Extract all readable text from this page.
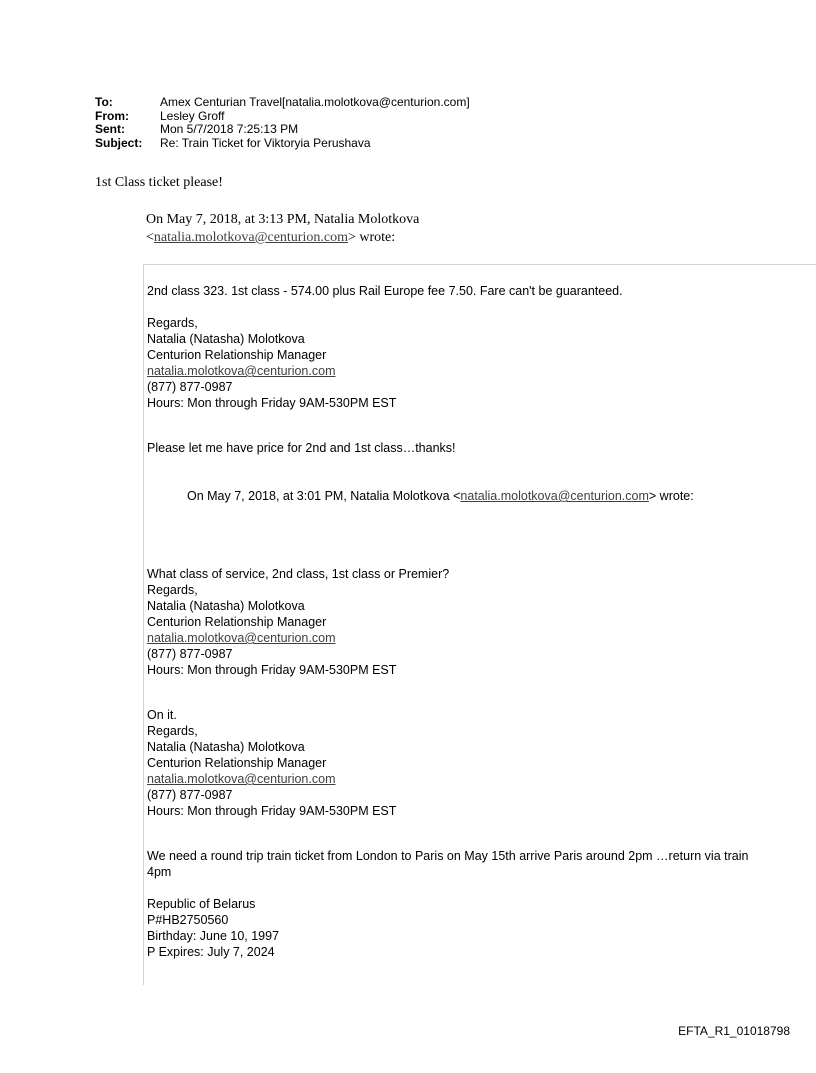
To:	Amex Centurian Travel[natalia.molotkova@centurion.com]
From:	Lesley Groff
Sent:	Mon 5/7/2018 7:25:13 PM
Subject:	Re: Train Ticket for Viktoryia Perushava
1st Class ticket please!
On May 7, 2018, at 3:13 PM, Natalia Molotkova
<natalia.molotkova@centurion.com> wrote:
2nd class 323. 1st class - 574.00 plus Rail Europe fee 7.50. Fare can't be guaranteed.
Regards,
Natalia (Natasha) Molotkova
Centurion Relationship Manager
natalia.molotkova@centurion.com
(877) 877-0987
Hours: Mon through Friday 9AM-530PM EST
Please let me have price for 2nd and 1st class…thanks!
On May 7, 2018, at 3:01 PM, Natalia Molotkova <natalia.molotkova@centurion.com> wrote:
What class of service, 2nd class, 1st class or Premier?
Regards,
Natalia (Natasha) Molotkova
Centurion Relationship Manager
natalia.molotkova@centurion.com
(877) 877-0987
Hours: Mon through Friday 9AM-530PM EST
On it.
Regards,
Natalia (Natasha) Molotkova
Centurion Relationship Manager
natalia.molotkova@centurion.com
(877) 877-0987
Hours: Mon through Friday 9AM-530PM EST
We need a round trip train ticket from London to Paris on May 15th arrive Paris around 2pm …return via train
4pm
Republic of Belarus
P#HB2750560
Birthday: June 10, 1997
P Expires: July 7, 2024
EFTA_R1_01018798
